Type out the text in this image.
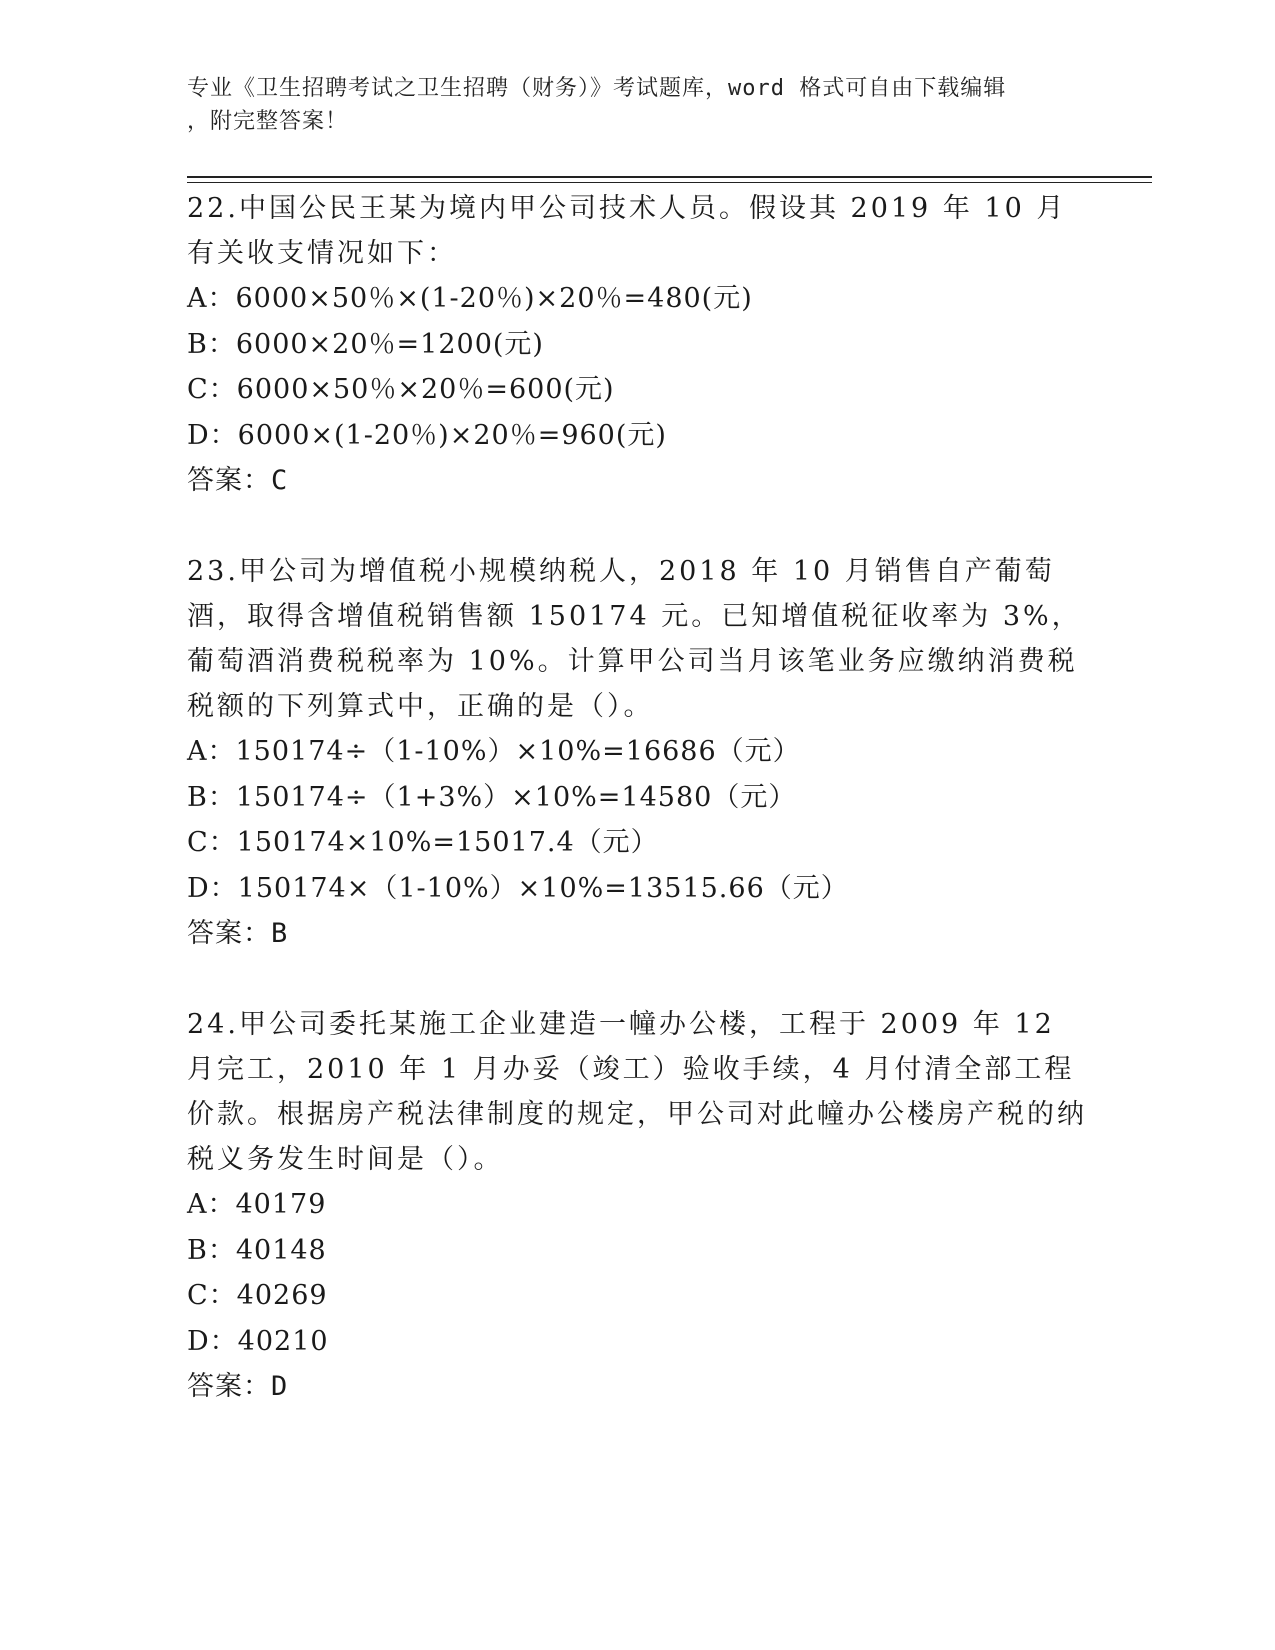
专业《卫生招聘考试之卫生招聘（财务）》考试题库，word 格式可自由下载编辑
，附完整答案！

22.中国公民王某为境内甲公司技术人员。假设其 2019 年 10 月有关收支情况如下：

A：6000×50％×(1-20％)×20％=480(元)

B：6000×20％=1200(元)

C：6000×50％×20％=600(元)

D：6000×(1-20％)×20％=960(元)

答案：C

23.甲公司为增值税小规模纳税人，2018 年 10 月销售自产葡萄酒，取得含增值税销售额 150174 元。已知增值税征收率为 3%，葡萄酒消费税税率为 10%。计算甲公司当月该笔业务应缴纳消费税税额的下列算式中，正确的是（）。

A：150174÷（1-10%）×10%=16686（元）

B：150174÷（1+3%）×10%=14580（元）

C：150174×10%=15017.4（元）

D：150174×（1-10%）×10%=13515.66（元）

答案：B

24.甲公司委托某施工企业建造一幢办公楼，工程于 2009 年 12 月完工，2010 年 1 月办妥（竣工）验收手续，4 月付清全部工程价款。根据房产税法律制度的规定，甲公司对此幢办公楼房产税的纳税义务发生时间是（）。

A：40179

B：40148

C：40269

D：40210

答案：D
